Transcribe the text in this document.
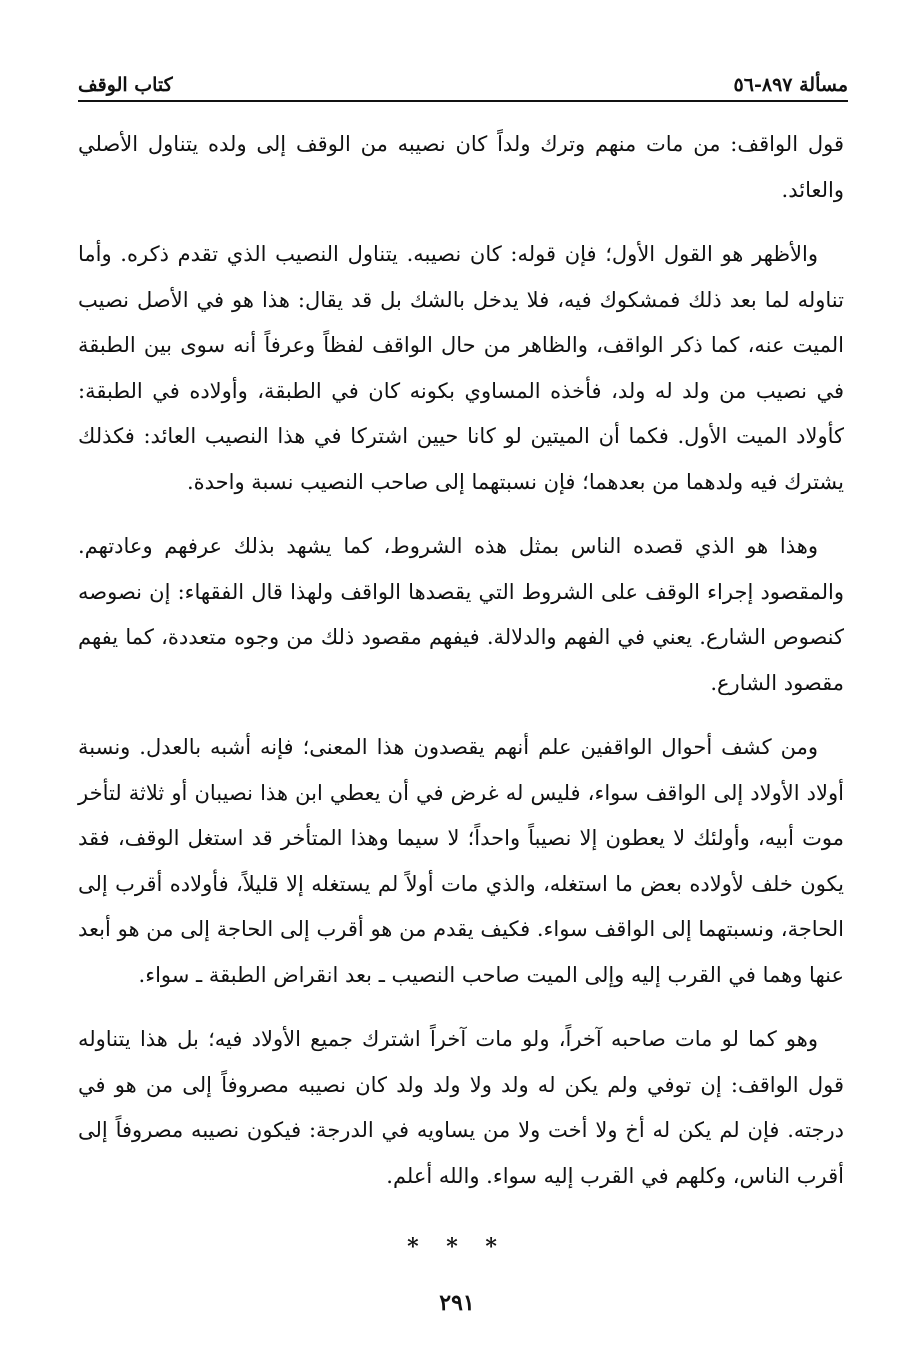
مسألة ٨٩٧-٥٦
كتاب الوقف

قول الواقف: من مات منهم وترك ولداً كان نصيبه من الوقف إلى ولده يتناول الأصلي والعائد.

والأظهر هو القول الأول؛ فإن قوله: كان نصيبه. يتناول النصيب الذي تقدم ذكره. وأما تناوله لما بعد ذلك فمشكوك فيه، فلا يدخل بالشك بل قد يقال: هذا هو في الأصل نصيب الميت عنه، كما ذكر الواقف، والظاهر من حال الواقف لفظاً وعرفاً أنه سوى بين الطبقة في نصيب من ولد له ولد، فأخذه المساوي بكونه كان في الطبقة، وأولاده في الطبقة: كأولاد الميت الأول. فكما أن الميتين لو كانا حيين اشتركا في هذا النصيب العائد: فكذلك يشترك فيه ولدهما من بعدهما؛ فإن نسبتهما إلى صاحب النصيب نسبة واحدة.

وهذا هو الذي قصده الناس بمثل هذه الشروط، كما يشهد بذلك عرفهم وعادتهم. والمقصود إجراء الوقف على الشروط التي يقصدها الواقف ولهذا قال الفقهاء: إن نصوصه كنصوص الشارع. يعني في الفهم والدلالة. فيفهم مقصود ذلك من وجوه متعددة، كما يفهم مقصود الشارع.

ومن كشف أحوال الواقفين علم أنهم يقصدون هذا المعنى؛ فإنه أشبه بالعدل. ونسبة أولاد الأولاد إلى الواقف سواء، فليس له غرض في أن يعطي ابن هذا نصيبان أو ثلاثة لتأخر موت أبيه، وأولئك لا يعطون إلا نصيباً واحداً؛ لا سيما وهذا المتأخر قد استغل الوقف، فقد يكون خلف لأولاده بعض ما استغله، والذي مات أولاً لم يستغله إلا قليلاً، فأولاده أقرب إلى الحاجة، ونسبتهما إلى الواقف سواء. فكيف يقدم من هو أقرب إلى الحاجة إلى من هو أبعد عنها وهما في القرب إليه وإلى الميت صاحب النصيب ـ بعد انقراض الطبقة ـ سواء.

وهو كما لو مات صاحبه آخراً، ولو مات آخراً اشترك جميع الأولاد فيه؛ بل هذا يتناوله قول الواقف: إن توفي ولم يكن له ولد ولا ولد ولد كان نصيبه مصروفاً إلى من هو في درجته. فإن لم يكن له أخ ولا أخت ولا من يساويه في الدرجة: فيكون نصيبه مصروفاً إلى أقرب الناس، وكلهم في القرب إليه سواء. والله أعلم.

* * *
٢٩١
